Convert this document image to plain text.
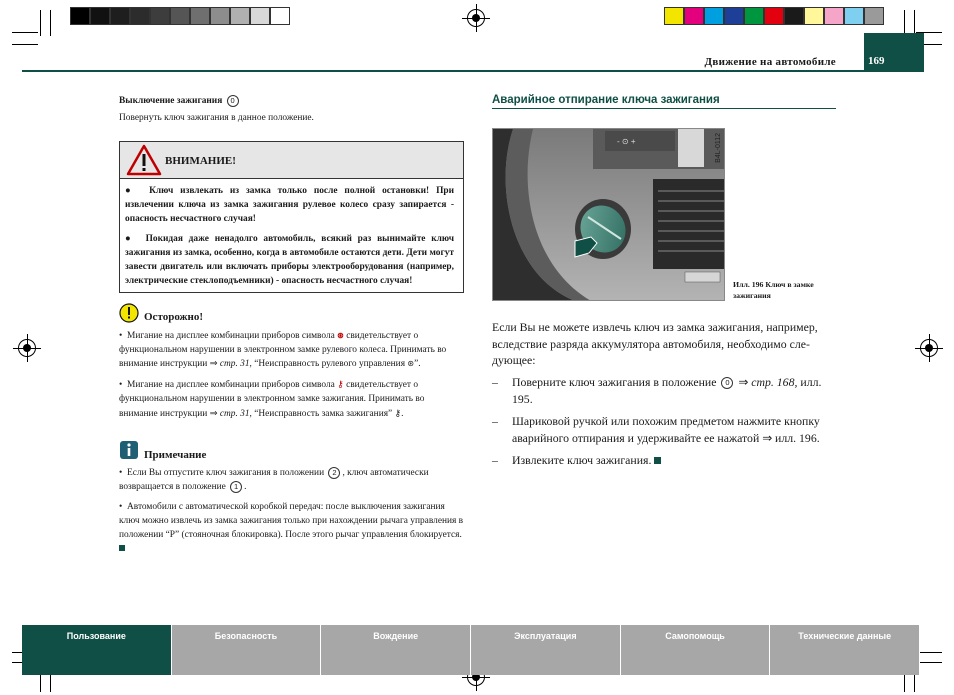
Движение на автомобиле	169
Выключение зажигания 0
Повернуть ключ зажигания в данное положение.
ВНИМАНИЕ!

●  Ключ извлекать из замка только после полной остановки! При извлечении ключа из замка зажигания рулевое колесо сразу запирается - опасность несчастного случая!

●  Покидая даже ненадолго автомобиль, всякий раз вынимайте ключ зажигания из замка, особенно, когда в автомобиле остаются дети. Дети могут завести двигатель или включать приборы электрооборудования (например, электрические стеклоподъемники) - опасность несчастного случая!

Осторожно!

•  Мигание на дисплее комбинации приборов символа ⊛ свидетельствует о функциональном нарушении в электронном замке рулевого колеса. Принимать во внимание инструкции ⇒ стр. 31, “Неисправность рулевого управления ⊛”.

•  Мигание на дисплее комбинации приборов символа ⚷ свидетельствует о функциональном нарушении в электронном замке зажигания. Принимать во внимание инструкции ⇒ стр. 31, “Неисправность замка зажигания” ⚷.

Примечание

•  Если Вы отпустите ключ зажигания в положении 2 , ключ автоматически возвращается в положение 1 .

•  Автомобили с автоматической коробкой передач: после выключения зажигания ключ можно извлечь из замка зажигания только при нахождении рычага управления в положении “P” (стояночная блокировка). После этого рычаг управления блокируется.

Аварийное отпирание ключа зажигания
- ⊙ +	B4L-0112
Илл. 196 Ключ в замке зажигания
Если Вы не можете извлечь ключ из замка зажигания, например, вследствие разряда аккумулятора автомобиля, необходимо следующее:
– Поверните ключ зажигания в положение 0 ⇒ стр. 168, илл. 195.
– Шариковой ручкой или похожим предметом нажмите кнопку аварийного отпирания и удерживайте ее нажатой ⇒ илл. 196.
– Извлеките ключ зажигания.
Пользование	Безопасность	Вождение	Эксплуатация	Самопомощь	Технические данные
